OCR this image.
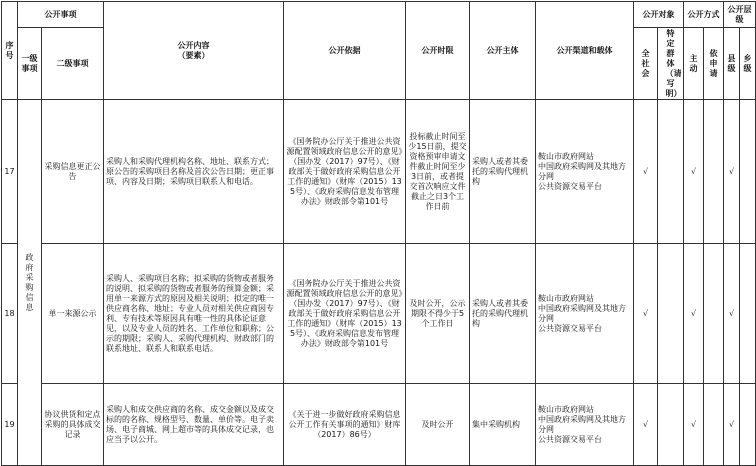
序号	公开事项		公开内容
（要素）	公开依据	公开时限	公开主体	公开渠道和载体	公开对象		公开方式		公开层级	
	一级事项	二级事项						全社会	特定群体（请写明）	主动	依申请	县级	乡级

17	政府采购信息	采购信息更正公告	采购人和采购代理机构名称、地址、联系方式；原公告的采购项目名称及首次公告日期；更正事项、内容及日期；采购项目联系人和电话。	《国务院办公厅关于推进公共资源配置领域政府信息公开的意见》（国办发（2017）97号）、《财政部关于做好政府采购信息公开工作的通知》（财库（2015）135号）、《政府采购信息发布管理办法》财政部令第101号	投标截止时间至少15日前，提交资格预审申请文件截止时间至少3日前，或者提交首次响应文件截止之日3个工作日前	采购人或者其委托的采购代理机构	鞍山市政府网站
中国政府采购网及其地方分网
公共资源交易平台	√		√		√	
18		单一来源公示	采购人、采购项目名称；拟采购的货物或者服务的说明、拟采购的货物或者服务的预算金额；采用单一来源方式的原因及相关说明；拟定的唯一供应商名称、地址；专业人员对相关供应商因专利、专有技术等原因具有唯一性的具体论证意见，以及专业人员的姓名、工作单位和职称；公示的期限；采购人、采购代理机构、财政部门的联系地址、联系人和联系电话。	《国务院办公厅关于推进公共资源配置领域政府信息公开的意见》（国办发（2017）97号）、《财政部关于做好政府采购信息公开工作的通知》（财库（2015）135号）、《政府采购信息发布管理办法》财政部令第101号	及时公开，公示期限不得少于5个工作日	采购人或者其委托的采购代理机构	鞍山市政府网站
中国政府采购网及其地方分网
公共资源交易平台	√		√		√	
19		协议供货和定点采购的具体成交记录	采购人和成交供应商的名称、成交金额以及成交标的的名称、规格型号、数量、单价等。电子卖场、电子商城、网上超市等的具体成交记录，也应当予以公开。	《关于进一步做好政府采购信息公开工作有关事项的通知》财库（2017）86号）	及时公开	集中采购机构	鞍山市政府网站
中国政府采购网及其地方分网
公共资源交易平台	√		√		√	
